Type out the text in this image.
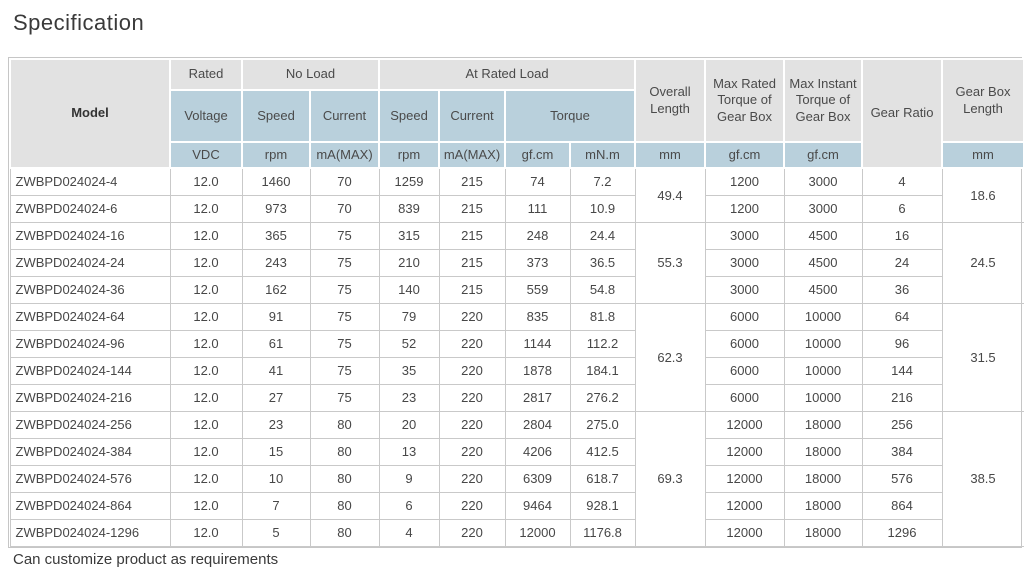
Specification
Model	Rated	No Load		At Rated Load				Overall Length	Max Rated Torque of Gear Box	Max Instant Torque of Gear Box	Gear Ratio	Gear Box Length
	Voltage	Speed	Current	Speed	Current	Torque						
	VDC	rpm	mA(MAX)	rpm	mA(MAX)	gf.cm	mN.m	mm	gf.cm	gf.cm		mm
ZWBPD024024-4	12.0	1460	70	1259	215	74	7.2	49.4	1200	3000	4	18.6
ZWBPD024024-6	12.0	973	70	839	215	111	10.9		1200	3000	6	
ZWBPD024024-16	12.0	365	75	315	215	248	24.4	55.3	3000	4500	16	24.5
ZWBPD024024-24	12.0	243	75	210	215	373	36.5		3000	4500	24	
ZWBPD024024-36	12.0	162	75	140	215	559	54.8		3000	4500	36	
ZWBPD024024-64	12.0	91	75	79	220	835	81.8	62.3	6000	10000	64	31.5
ZWBPD024024-96	12.0	61	75	52	220	1144	112.2		6000	10000	96	
ZWBPD024024-144	12.0	41	75	35	220	1878	184.1		6000	10000	144	
ZWBPD024024-216	12.0	27	75	23	220	2817	276.2		6000	10000	216	
ZWBPD024024-256	12.0	23	80	20	220	2804	275.0	69.3	12000	18000	256	38.5
ZWBPD024024-384	12.0	15	80	13	220	4206	412.5		12000	18000	384	
ZWBPD024024-576	12.0	10	80	9	220	6309	618.7		12000	18000	576	
ZWBPD024024-864	12.0	7	80	6	220	9464	928.1		12000	18000	864	
ZWBPD024024-1296	12.0	5	80	4	220	12000	1176.8		12000	18000	1296	

Can customize product as requirements
